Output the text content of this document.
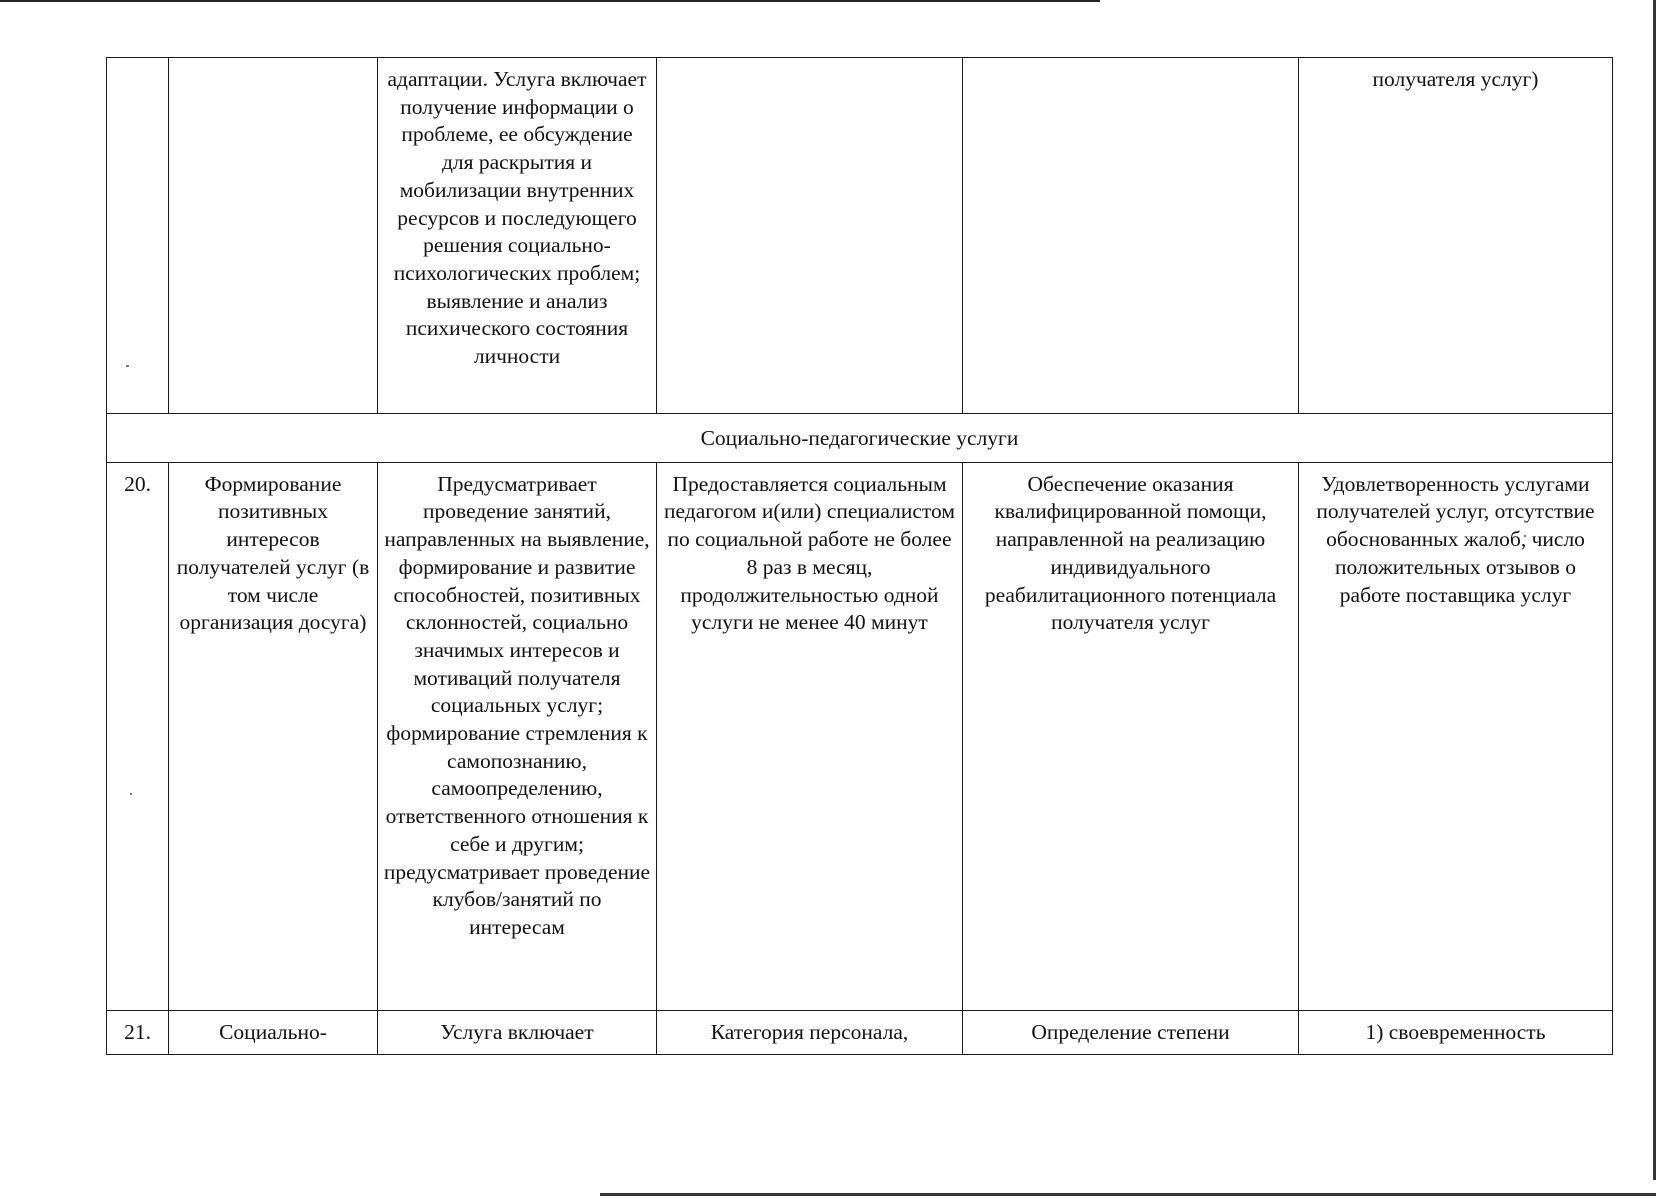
		адаптации. Услуга включает получение информации о проблеме, ее обсуждение для раскрытия и мобилизации внутренних ресурсов и последующего решения социально-психологических проблем; выявление и анализ психического состояния личности			получателя услуг)
Социально-педагогические услуги					
20.	Формирование позитивных интересов получателей услуг (в том числе организация досуга)	Предусматривает проведение занятий, направленных на выявление, формирование и развитие способностей, позитивных склонностей, социально значимых интересов и мотиваций получателя социальных услуг; формирование стремления к самопознанию, самоопределению, ответственного отношения к себе и другим; предусматривает проведение клубов/занятий по интересам	Предоставляется социальным педагогом и(или) специалистом по социальной работе не более 8 раз в месяц, продолжительностью одной услуги не менее 40 минут	Обеспечение оказания квалифицированной помощи, направленной на реализацию индивидуального реабилитационного потенциала получателя услуг	Удовлетворенность услугами получателей услуг, отсутствие обоснованных жалоб, число положительных отзывов о работе поставщика услуг
21.	Социально-	Услуга включает	Категория персонала,	Определение степени	1) своевременность
